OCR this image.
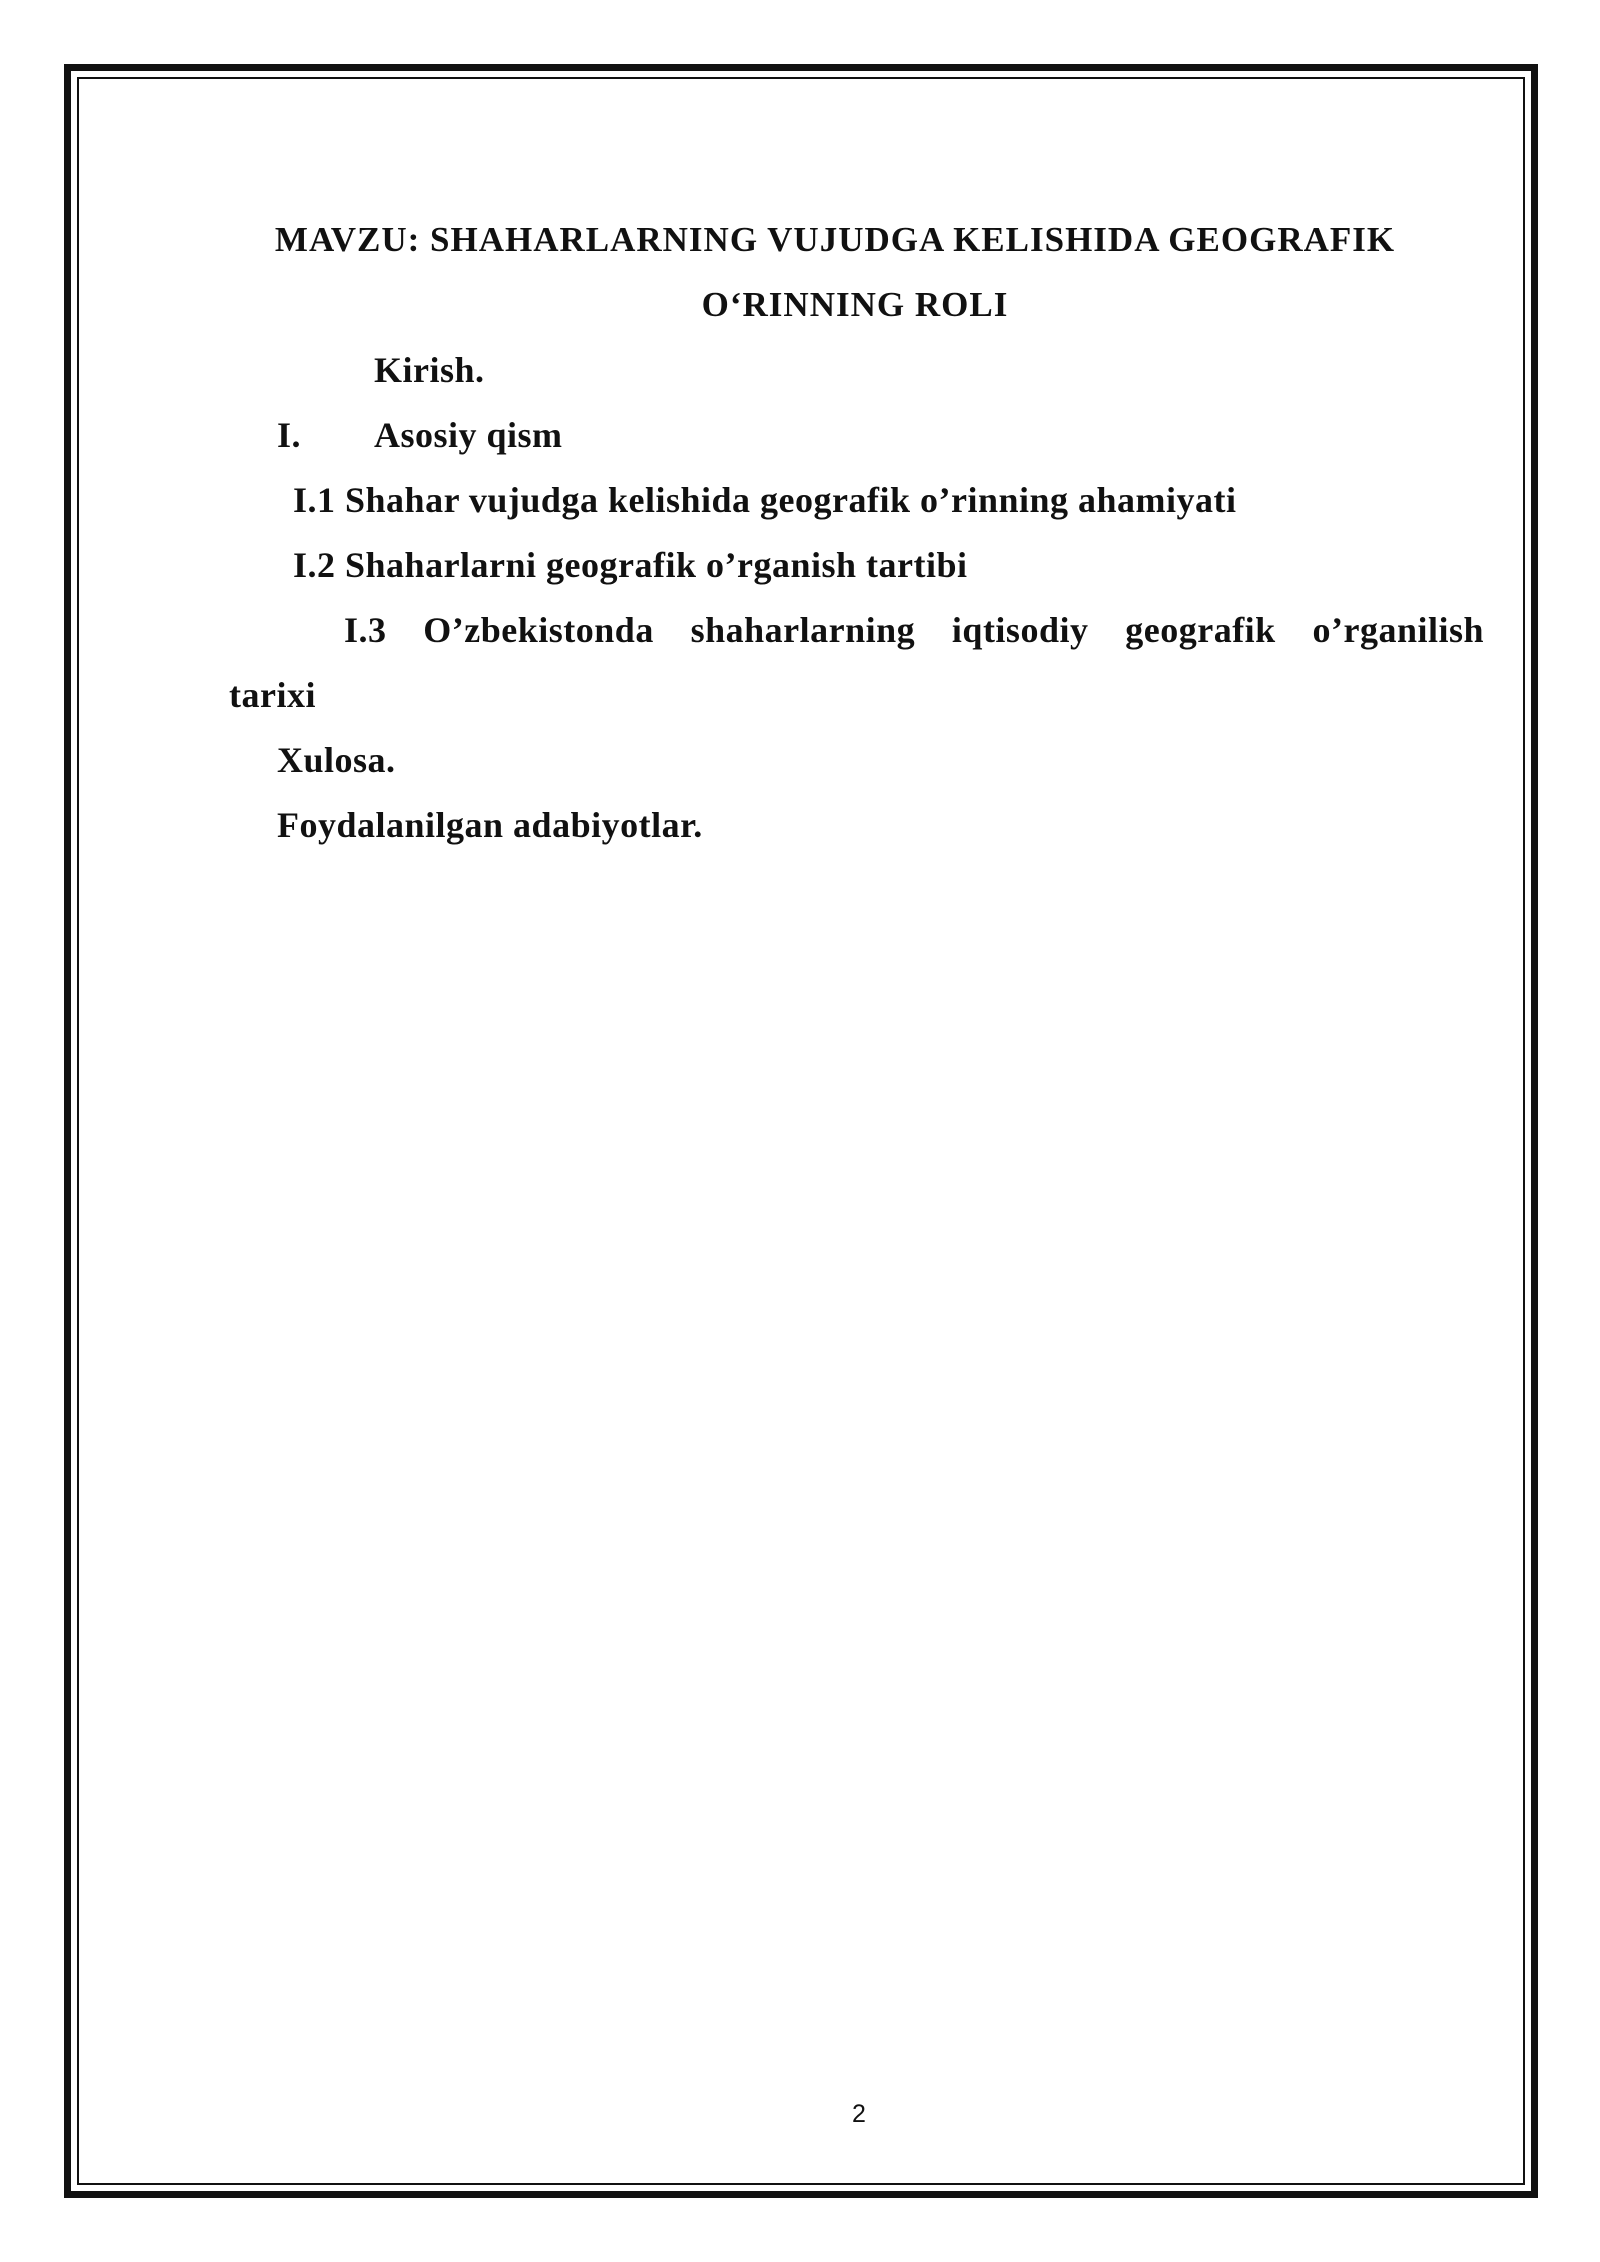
MAVZU: SHAHARLARNING VUJUDGA KELISHIDA GEOGRAFIK
O‘RINNING ROLI
Kirish.
I. Asosiy qism
I.1 Shahar vujudga kelishida geografik o’rinning ahamiyati
I.2 Shaharlarni geografik o’rganish tartibi
I.3 O’zbekistonda shaharlarning iqtisodiy geografik o’rganilish
tarixi
Xulosa.
Foydalanilgan adabiyotlar.
2
